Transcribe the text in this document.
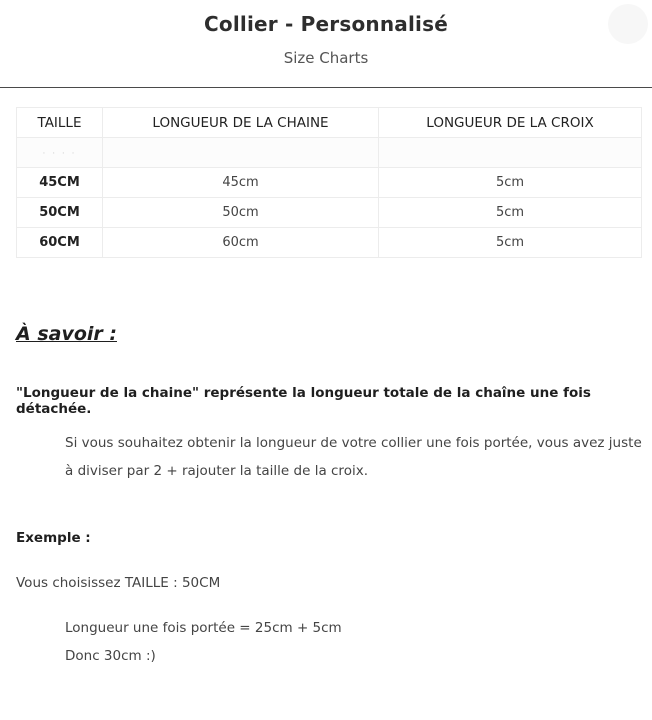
Collier - Personnalisé
Size Charts
TAILLE	LONGUEUR DE LA CHAINE	LONGUEUR DE LA CROIX
· · · ·		
45CM	45cm	5cm
50CM	50cm	5cm
60CM	60cm	5cm
À savoir :
"Longueur de la chaine" représente la longueur totale de la chaîne une fois détachée.
Si vous souhaitez obtenir la longueur de votre collier une fois portée, vous avez juste à diviser par 2 + rajouter la taille de la croix.
Exemple :
Vous choisissez TAILLE : 50CM
Longueur une fois portée = 25cm + 5cm
Donc 30cm :)
